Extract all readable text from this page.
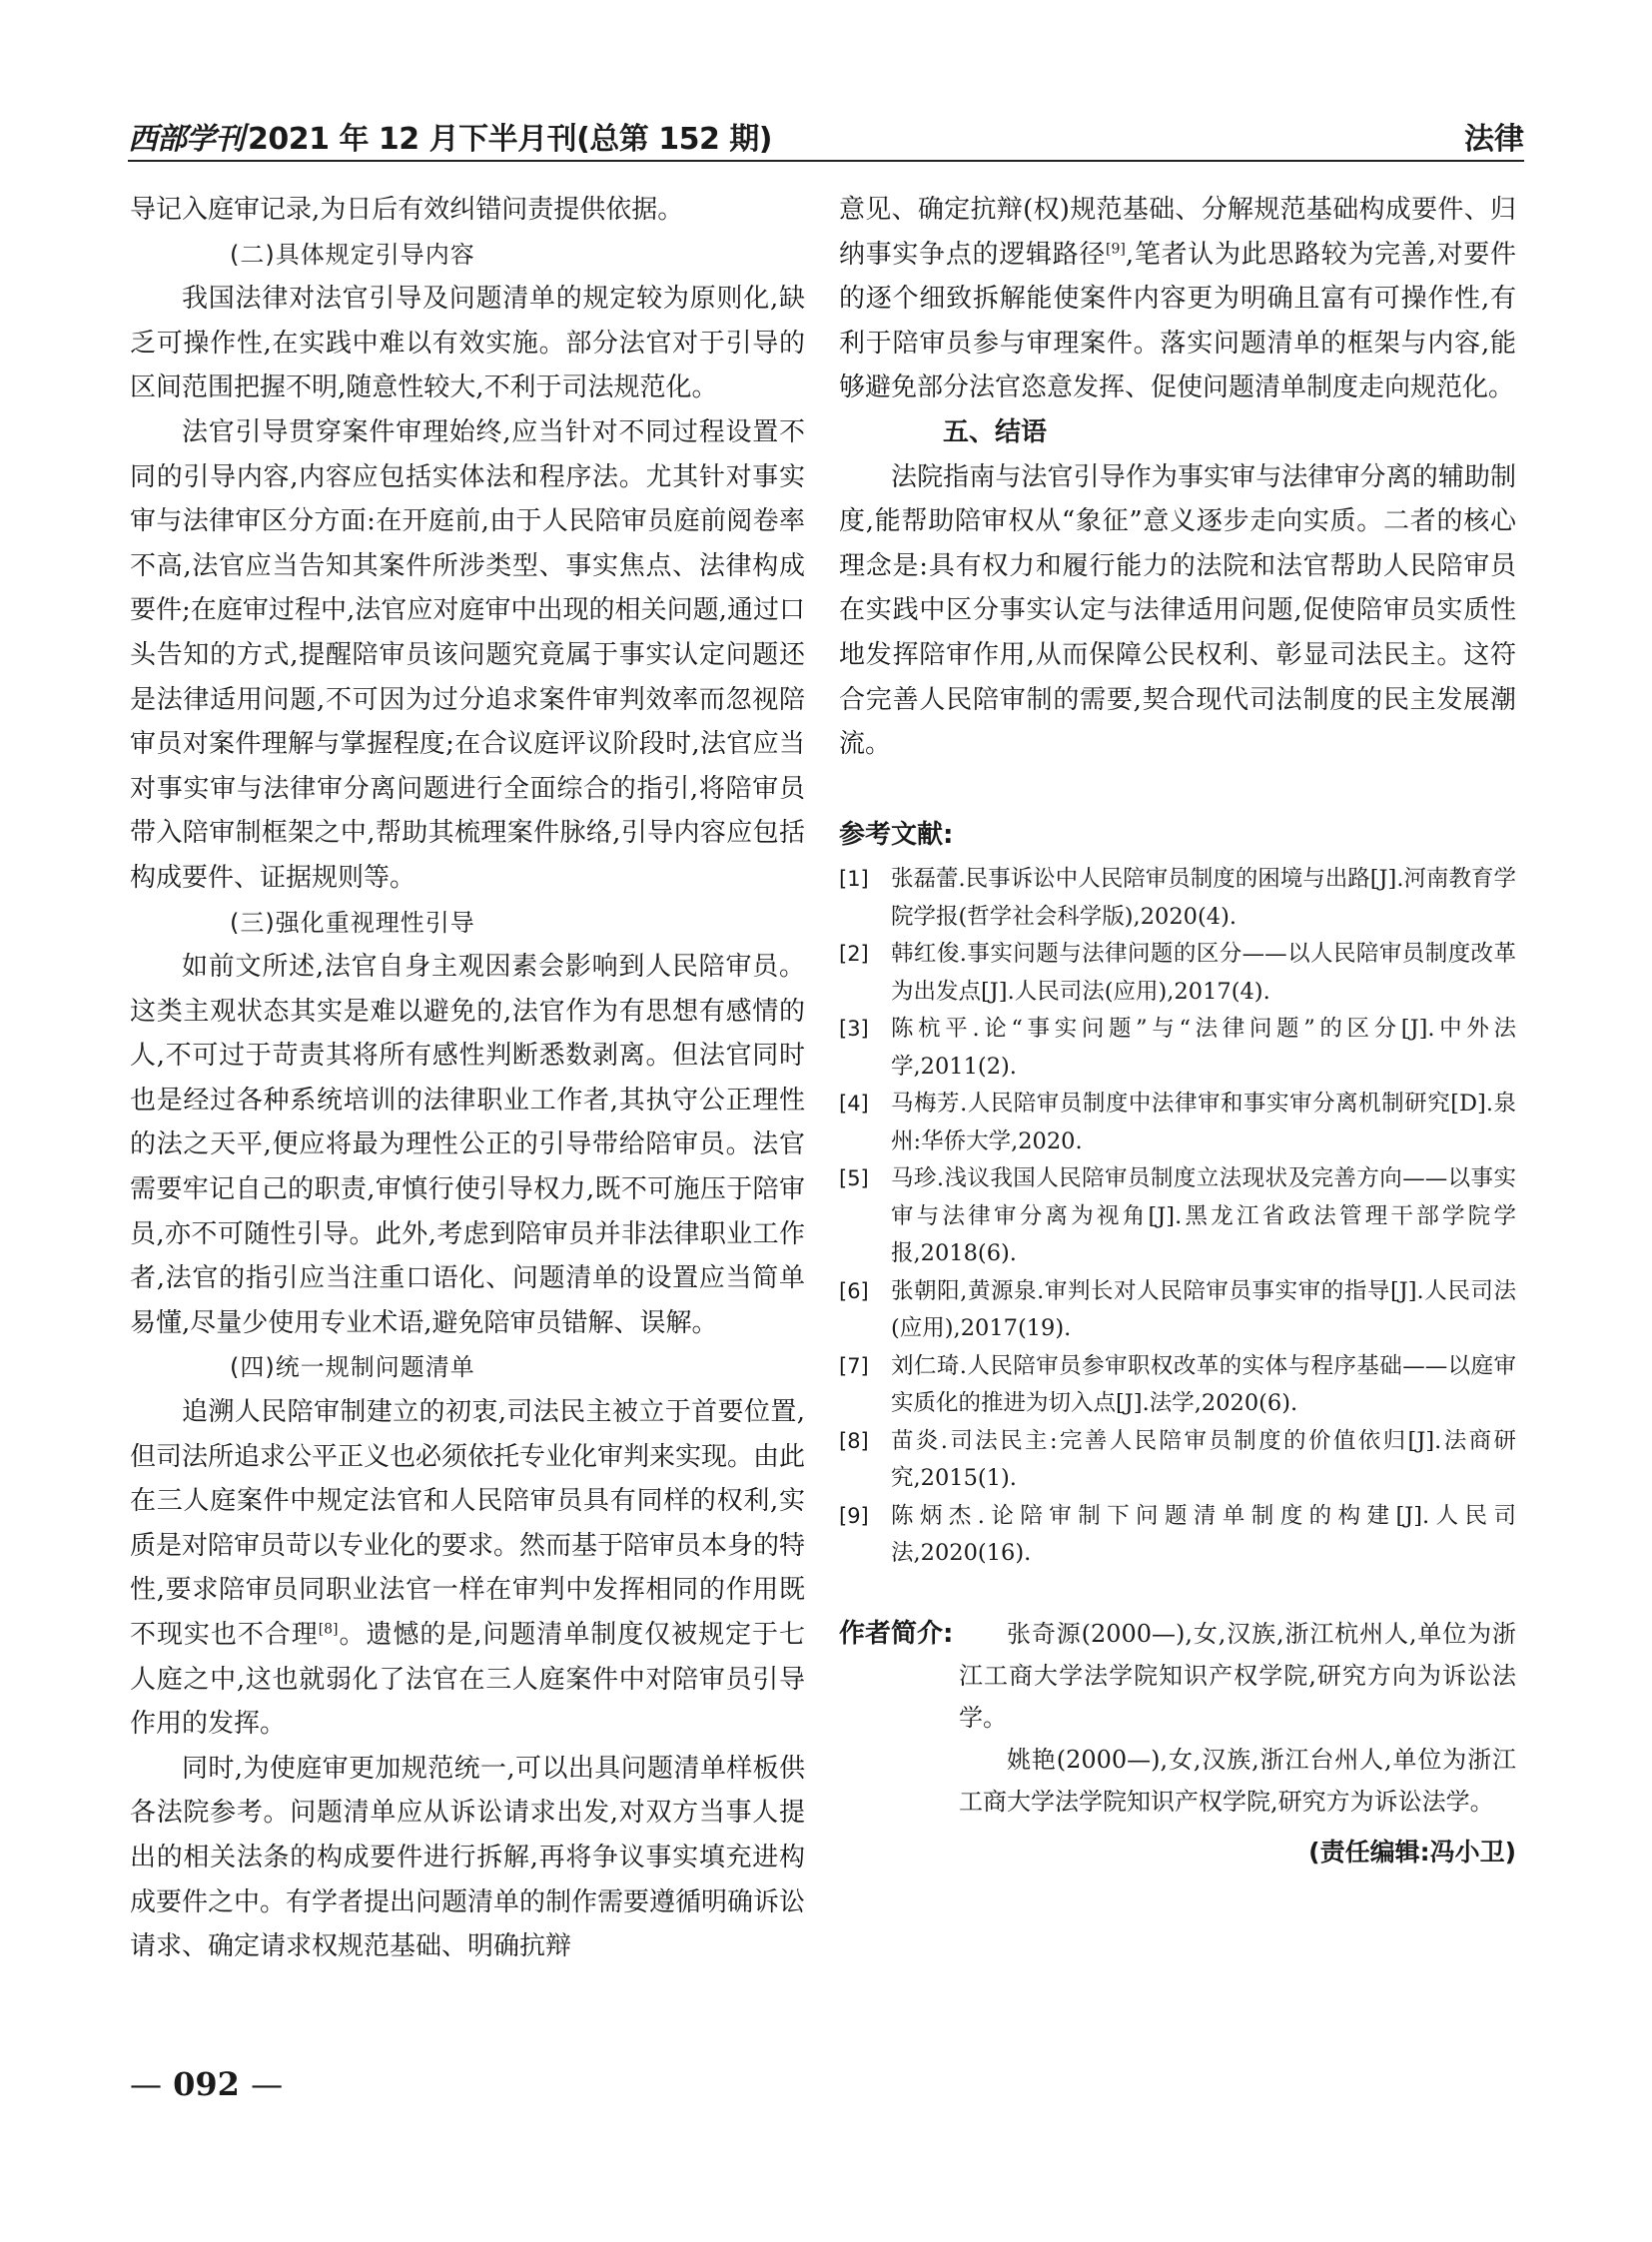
西部学刊 2021 年 12 月下半月刊(总第 152 期)	法律

导记入庭审记录,为日后有效纠错问责提供依据。

(二)具体规定引导内容

我国法律对法官引导及问题清单的规定较为原则化,缺乏可操作性,在实践中难以有效实施。部分法官对于引导的区间范围把握不明,随意性较大,不利于司法规范化。

法官引导贯穿案件审理始终,应当针对不同过程设置不同的引导内容,内容应包括实体法和程序法。尤其针对事实审与法律审区分方面:在开庭前,由于人民陪审员庭前阅卷率不高,法官应当告知其案件所涉类型、事实焦点、法律构成要件;在庭审过程中,法官应对庭审中出现的相关问题,通过口头告知的方式,提醒陪审员该问题究竟属于事实认定问题还是法律适用问题,不可因为过分追求案件审判效率而忽视陪审员对案件理解与掌握程度;在合议庭评议阶段时,法官应当对事实审与法律审分离问题进行全面综合的指引,将陪审员带入陪审制框架之中,帮助其梳理案件脉络,引导内容应包括构成要件、证据规则等。

(三)强化重视理性引导

如前文所述,法官自身主观因素会影响到人民陪审员。这类主观状态其实是难以避免的,法官作为有思想有感情的人,不可过于苛责其将所有感性判断悉数剥离。但法官同时也是经过各种系统培训的法律职业工作者,其执守公正理性的法之天平,便应将最为理性公正的引导带给陪审员。法官需要牢记自己的职责,审慎行使引导权力,既不可施压于陪审员,亦不可随性引导。此外,考虑到陪审员并非法律职业工作者,法官的指引应当注重口语化、问题清单的设置应当简单易懂,尽量少使用专业术语,避免陪审员错解、误解。

(四)统一规制问题清单

追溯人民陪审制建立的初衷,司法民主被立于首要位置,但司法所追求公平正义也必须依托专业化审判来实现。由此在三人庭案件中规定法官和人民陪审员具有同样的权利,实质是对陪审员苛以专业化的要求。然而基于陪审员本身的特性,要求陪审员同职业法官一样在审判中发挥相同的作用既不现实也不合理[8]。遗憾的是,问题清单制度仅被规定于七人庭之中,这也就弱化了法官在三人庭案件中对陪审员引导作用的发挥。

同时,为使庭审更加规范统一,可以出具问题清单样板供各法院参考。问题清单应从诉讼请求出发,对双方当事人提出的相关法条的构成要件进行拆解,再将争议事实填充进构成要件之中。有学者提出问题清单的制作需要遵循明确诉讼请求、确定请求权规范基础、明确抗辩

意见、确定抗辩(权)规范基础、分解规范基础构成要件、归纳事实争点的逻辑路径[9],笔者认为此思路较为完善,对要件的逐个细致拆解能使案件内容更为明确且富有可操作性,有利于陪审员参与审理案件。落实问题清单的框架与内容,能够避免部分法官恣意发挥、促使问题清单制度走向规范化。

五、结语

法院指南与法官引导作为事实审与法律审分离的辅助制度,能帮助陪审权从“象征”意义逐步走向实质。二者的核心理念是:具有权力和履行能力的法院和法官帮助人民陪审员在实践中区分事实认定与法律适用问题,促使陪审员实质性地发挥陪审作用,从而保障公民权利、彰显司法民主。这符合完善人民陪审制的需要,契合现代司法制度的民主发展潮流。

参考文献:
[1] 张磊蕾.民事诉讼中人民陪审员制度的困境与出路[J].河南教育学院学报(哲学社会科学版),2020(4).
[2] 韩红俊.事实问题与法律问题的区分——以人民陪审员制度改革为出发点[J].人民司法(应用),2017(4).
[3] 陈杭平.论“事实问题”与“法律问题”的区分[J].中外法学,2011(2).
[4] 马梅芳.人民陪审员制度中法律审和事实审分离机制研究[D].泉州:华侨大学,2020.
[5] 马珍.浅议我国人民陪审员制度立法现状及完善方向——以事实审与法律审分离为视角[J].黑龙江省政法管理干部学院学报,2018(6).
[6] 张朝阳,黄源泉.审判长对人民陪审员事实审的指导[J].人民司法(应用),2017(19).
[7] 刘仁琦.人民陪审员参审职权改革的实体与程序基础——以庭审实质化的推进为切入点[J].法学,2020(6).
[8] 苗炎.司法民主:完善人民陪审员制度的价值依归[J].法商研究,2015(1).
[9] 陈炳杰.论陪审制下问题清单制度的构建[J].人民司法,2020(16).
作者简介:	张奇源(2000—),女,汉族,浙江杭州人,单位为浙江工商大学法学院知识产权学院,研究方向为诉讼法学。

姚艳(2000—),女,汉族,浙江台州人,单位为浙江工商大学法学院知识产权学院,研究方为诉讼法学。

(责任编辑:冯小卫)
— 092 —
